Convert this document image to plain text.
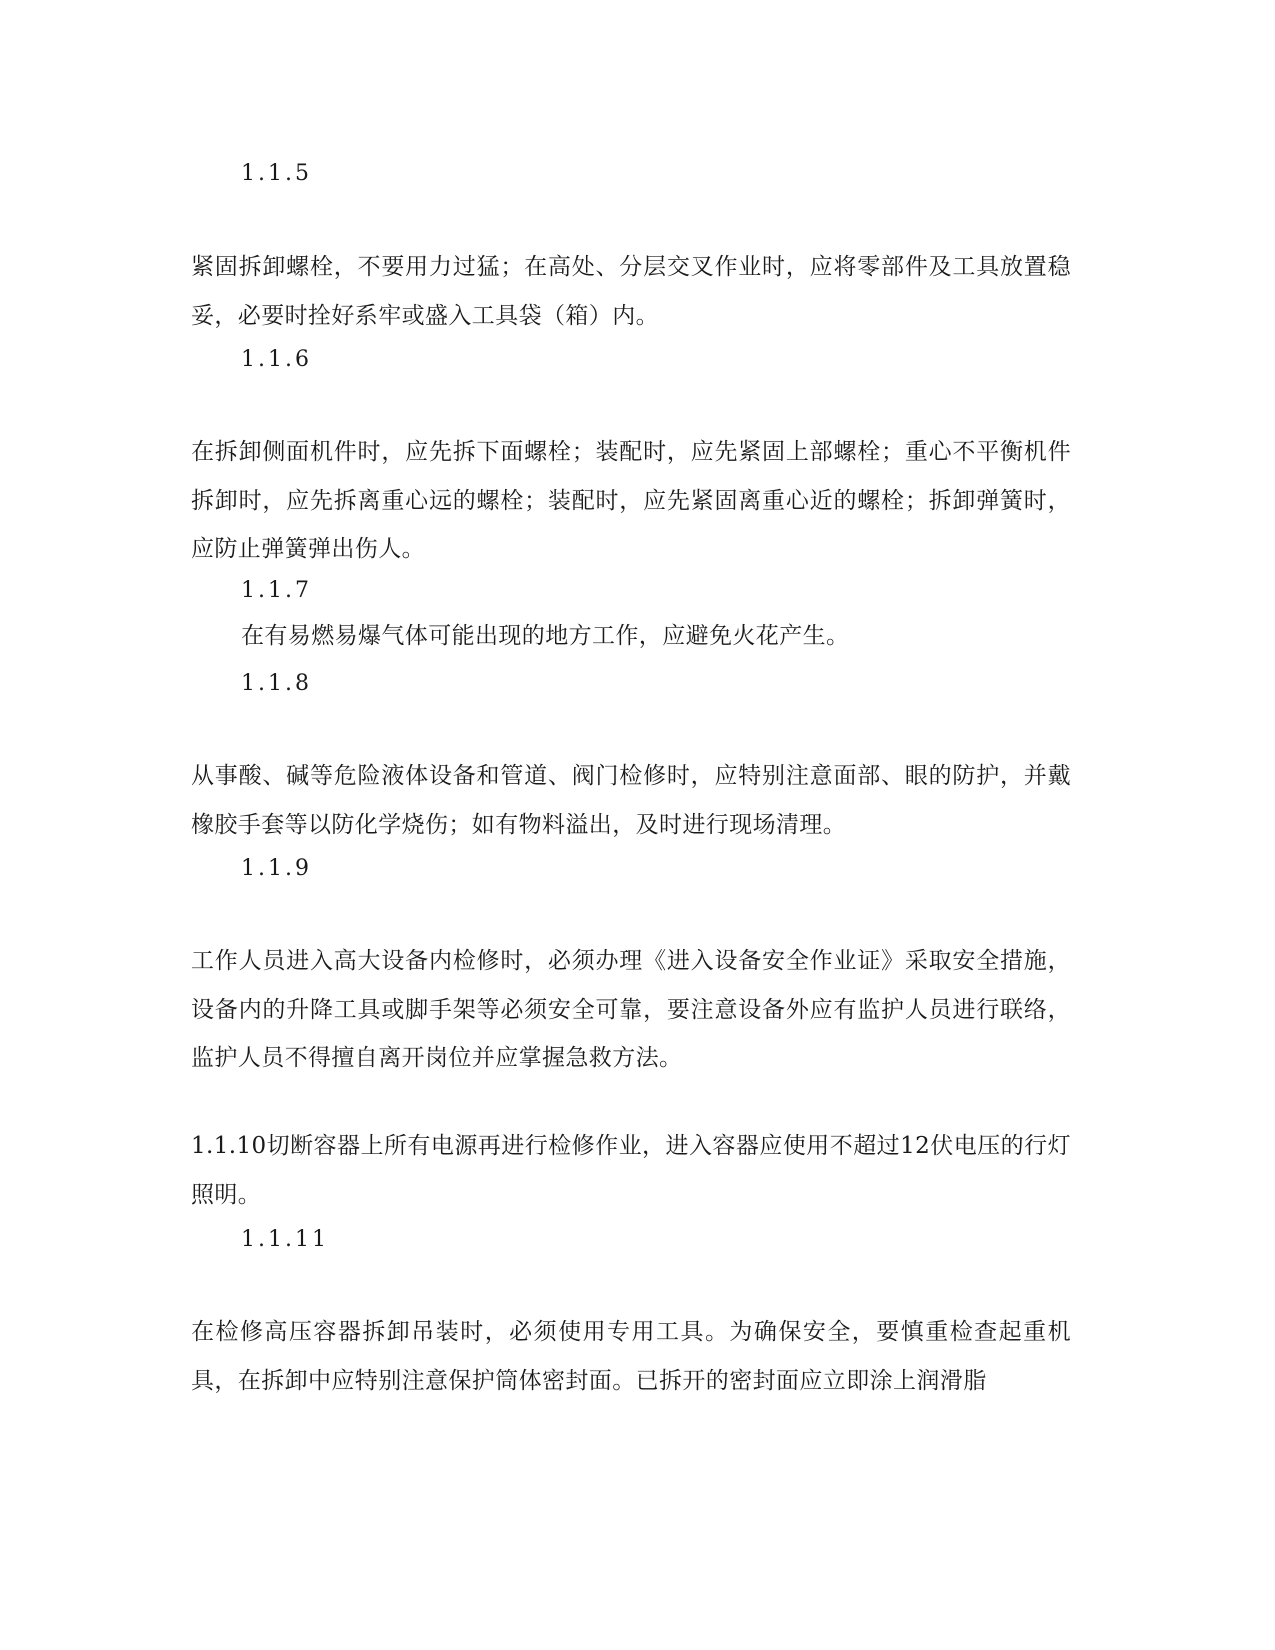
1.1.5

紧固拆卸螺栓，不要用力过猛；在高处、分层交叉作业时，应将零部件及工具放置稳妥，必要时拴好系牢或盛入工具袋（箱）内。

1.1.6

在拆卸侧面机件时，应先拆下面螺栓；装配时，应先紧固上部螺栓；重心不平衡机件拆卸时，应先拆离重心远的螺栓；装配时，应先紧固离重心近的螺栓；拆卸弹簧时，应防止弹簧弹出伤人。

1.1.7

在有易燃易爆气体可能出现的地方工作，应避免火花产生。

1.1.8

从事酸、碱等危险液体设备和管道、阀门检修时，应特别注意面部、眼的防护，并戴橡胶手套等以防化学烧伤；如有物料溢出，及时进行现场清理。

1.1.9

工作人员进入高大设备内检修时，必须办理《进入设备安全作业证》采取安全措施，设备内的升降工具或脚手架等必须安全可靠，要注意设备外应有监护人员进行联络，监护人员不得擅自离开岗位并应掌握急救方法。

1.1.10切断容器上所有电源再进行检修作业，进入容器应使用不超过12伏电压的行灯照明。

1.1.11

在检修高压容器拆卸吊装时，必须使用专用工具。为确保安全，要慎重检查起重机具，在拆卸中应特别注意保护筒体密封面。已拆开的密封面应立即涂上润滑脂
